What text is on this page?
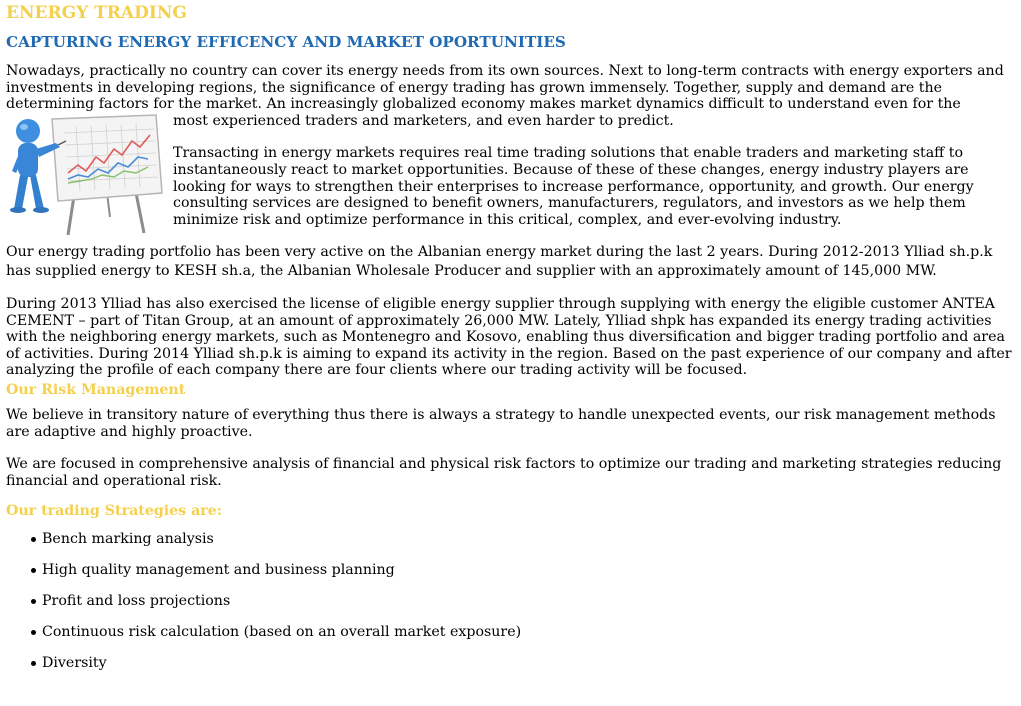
ENERGY TRADING
CAPTURING ENERGY EFFICENCY AND MARKET OPORTUNITIES

Nowadays, practically no country can cover its energy needs from its own sources. Next to long-term contracts with energy exporters and investments in developing regions, the significance of energy trading has grown immensely. Together, supply and demand are the determining factors for the market. An increasingly globalized economy makes market dynamics difficult to understand even for the

most experienced traders and marketers, and even harder to predict.

Transacting in energy markets requires real time trading solutions that enable traders and marketing staff to instantaneously react to market opportunities. Because of these of these changes, energy industry players are looking for ways to strengthen their enterprises to increase performance, opportunity, and growth. Our energy consulting services are designed to benefit owners, manufacturers, regulators, and investors as we help them minimize risk and optimize performance in this critical, complex, and ever-evolving industry.

Our energy trading portfolio has been very active on the Albanian energy market during the last 2 years. During 2012-2013 Ylliad sh.p.k has supplied energy to KESH sh.a, the Albanian Wholesale Producer and supplier with an approximately amount of 145,000 MW.

During 2013 Ylliad has also exercised the license of eligible energy supplier through supplying with energy the eligible customer ANTEA CEMENT – part of Titan Group, at an amount of approximately 26,000 MW. Lately, Ylliad shpk has expanded its energy trading activities with the neighboring energy markets, such as Montenegro and Kosovo, enabling thus diversification and bigger trading portfolio and area of activities. During 2014 Ylliad sh.p.k is aiming to expand its activity in the region. Based on the past experience of our company and after analyzing the profile of each company there are four clients where our trading activity will be focused.

Our Risk Management

We believe in transitory nature of everything thus there is always a strategy to handle unexpected events, our risk management methods are adaptive and highly proactive.

We are focused in comprehensive analysis of financial and physical risk factors to optimize our trading and marketing strategies reducing financial and operational risk.

Our trading Strategies are:
Bench marking analysis
High quality management and business planning
Profit and loss projections
Continuous risk calculation (based on an overall market exposure)
Diversity
